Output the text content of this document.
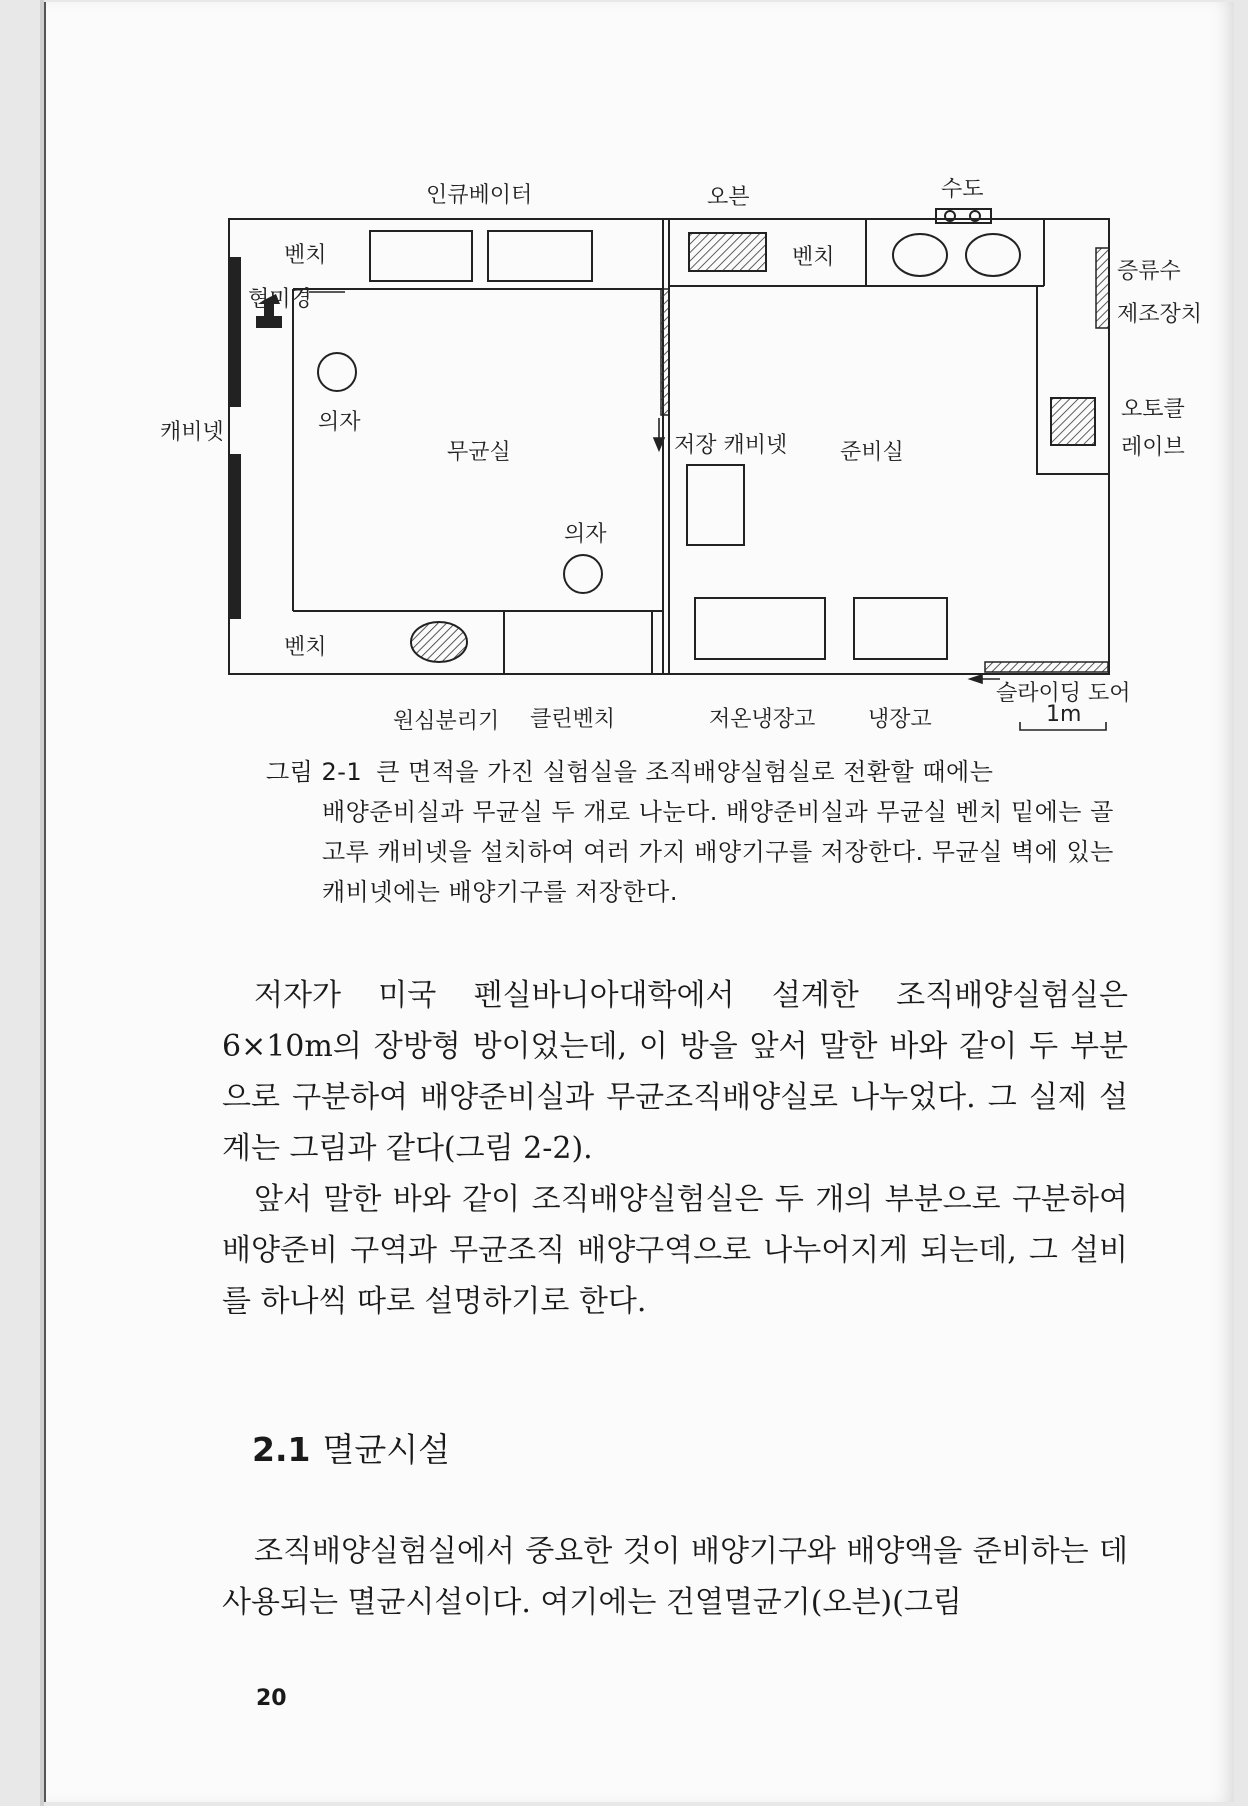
인큐베이터	오븐	수도
벤치	벤치
현미경
증류수
제조장치
캐비넷	의자
무균실	저장 캐비넷 준비실
오토클
레이브
의자
벤치
슬라이딩 도어
원심분리기 클린벤치	저온냉장고 냉장고	1m
그림 2-1 큰 면적을 가진 실험실을 조직배양실험실로 전환할 때에는
배양준비실과 무균실 두 개로 나눈다. 배양준비실과 무균실 벤치 밑에는 골고루 캐비넷을 설치하여 여러 가지 배양기구를 저장한다. 무균실 벽에 있는 캐비넷에는 배양기구를 저장한다.

저자가 미국 펜실바니아대학에서 설계한 조직배양실험실은 6×10m의 장방형 방이었는데, 이 방을 앞서 말한 바와 같이 두 부분으로 구분하여 배양준비실과 무균조직배양실로 나누었다. 그 실제 설계는 그림과 같다(그림 2-2).

앞서 말한 바와 같이 조직배양실험실은 두 개의 부분으로 구분하여 배양준비 구역과 무균조직 배양구역으로 나누어지게 되는데, 그 설비를 하나씩 따로 설명하기로 한다.

2.1 멸균시설

조직배양실험실에서 중요한 것이 배양기구와 배양액을 준비하는 데 사용되는 멸균시설이다. 여기에는 건열멸균기(오븐)(그림

20
